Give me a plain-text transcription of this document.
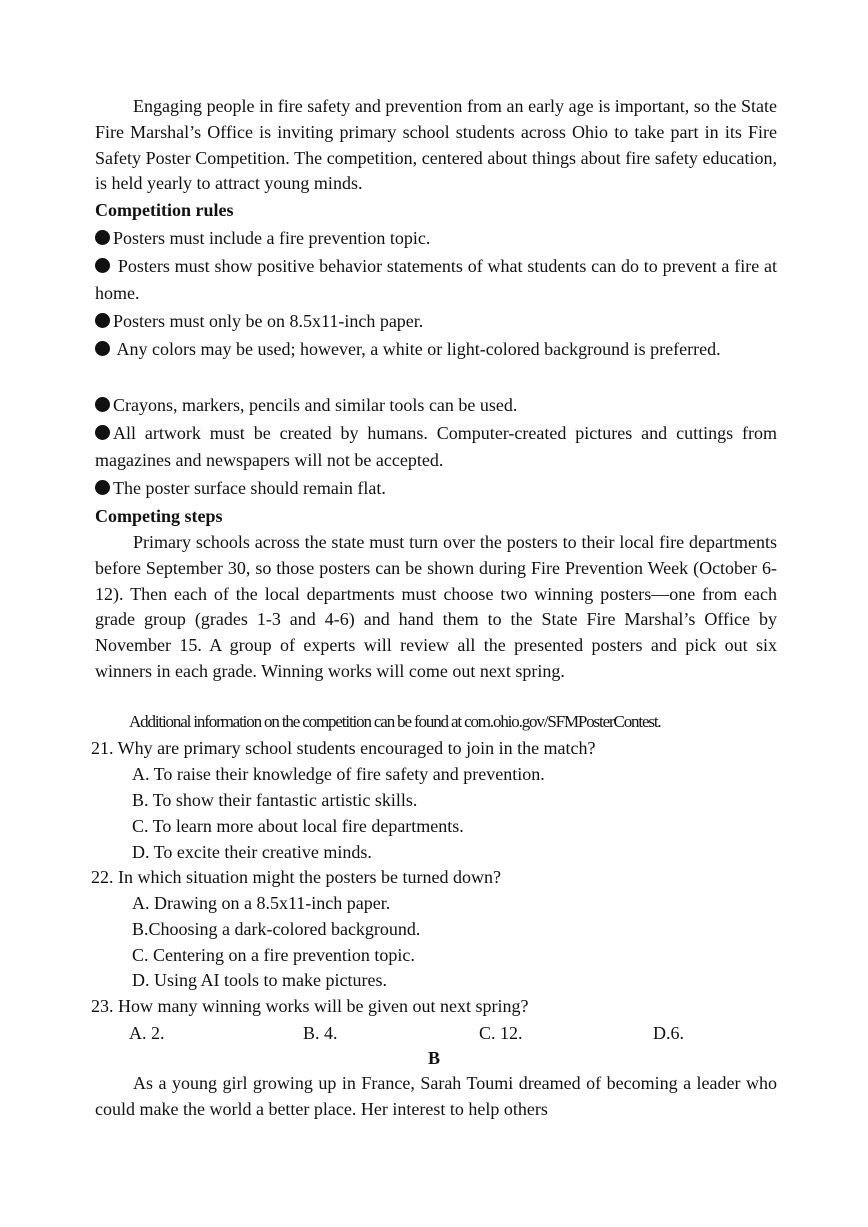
Engaging people in fire safety and prevention from an early age is important, so the State Fire Marshal’s Office is inviting primary school students across Ohio to take part in its Fire Safety Poster Competition. The competition, centered about things about fire safety education, is held yearly to attract young minds.

Competition rules
Posters must include a fire prevention topic.
Posters must show positive behavior statements of what students can do to prevent a fire at home.
Posters must only be on 8.5x11-inch paper.
Any colors may be used; however, a white or light-colored background is preferred.
Crayons, markers, pencils and similar tools can be used.
All artwork must be created by humans. Computer-created pictures and cuttings from magazines and newspapers will not be accepted.
The poster surface should remain flat.
Competing steps

Primary schools across the state must turn over the posters to their local fire departments before September 30, so those posters can be shown during Fire Prevention Week (October 6-12). Then each of the local departments must choose two winning posters—one from each grade group (grades 1-3 and 4-6) and hand them to the State Fire Marshal’s Office by November 15. A group of experts will review all the presented posters and pick out six winners in each grade. Winning works will come out next spring.

Additional information on the competition can be found at com.ohio.gov/SFMPosterContest.
21. Why are primary school students encouraged to join in the match?
A. To raise their knowledge of fire safety and prevention.
B. To show their fantastic artistic skills.
C. To learn more about local fire departments.
D. To excite their creative minds.
22. In which situation might the posters be turned down?
A. Drawing on a 8.5x11-inch paper.
B.Choosing a dark-colored background.
C. Centering on a fire prevention topic.
D. Using AI tools to make pictures.
23. How many winning works will be given out next spring?
A. 2.	B. 4.	C. 12.	D.6.
B

As a young girl growing up in France, Sarah Toumi dreamed of becoming a leader who could make the world a better place. Her interest to help others
